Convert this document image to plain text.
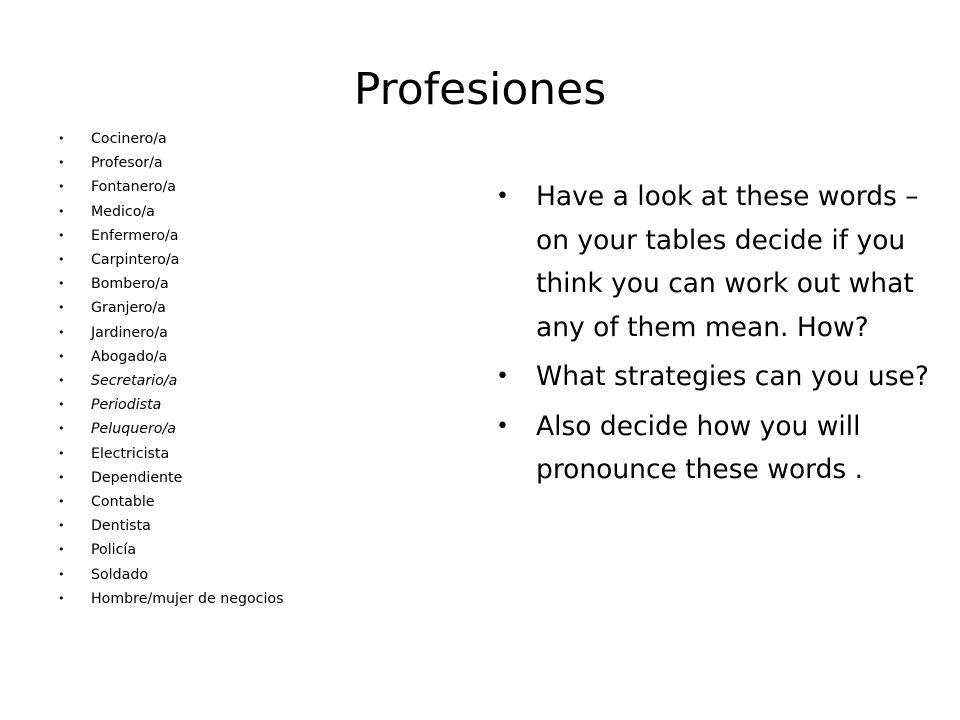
Profesiones
• Cocinero/a
• Profesor/a
• Fontanero/a
• Medico/a
• Enfermero/a
• Carpintero/a
• Bombero/a
• Granjero/a
• Jardinero/a
• Abogado/a
• Secretario/a
• Periodista
• Peluquero/a
• Electricista
• Dependiente
• Contable
• Dentista
• Policía
• Soldado
• Hombre/mujer de negocios
• Have a look at these words – on your tables decide if you think you can work out what any of them mean. How?
• What strategies can you use?
• Also decide how you will pronounce these words .
